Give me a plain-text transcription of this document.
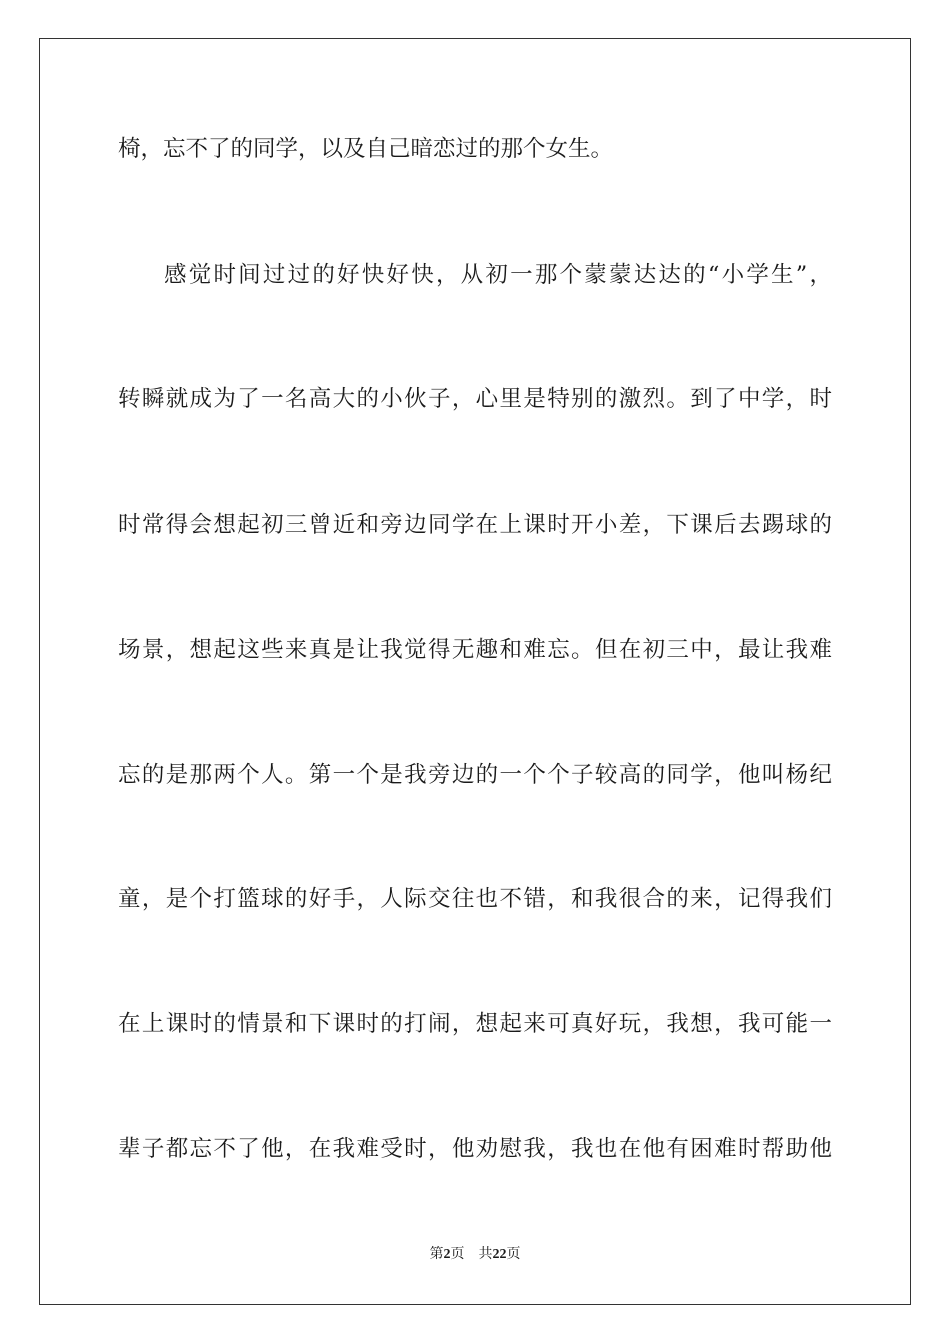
椅，忘不了的同学，以及自己暗恋过的那个女生。
感觉时间过过的好快好快，从初一那个蒙蒙达达的“小学生”，
转瞬就成为了一名高大的小伙子，心里是特别的激烈。到了中学，时
时常得会想起初三曾近和旁边同学在上课时开小差，下课后去踢球的
场景，想起这些来真是让我觉得无趣和难忘。但在初三中，最让我难
忘的是那两个人。第一个是我旁边的一个个子较高的同学，他叫杨纪
童，是个打篮球的好手，人际交往也不错，和我很合的来，记得我们
在上课时的情景和下课时的打闹，想起来可真好玩，我想，我可能一
辈子都忘不了他，在我难受时，他劝慰我，我也在他有困难时帮助他
第2页 共22页
